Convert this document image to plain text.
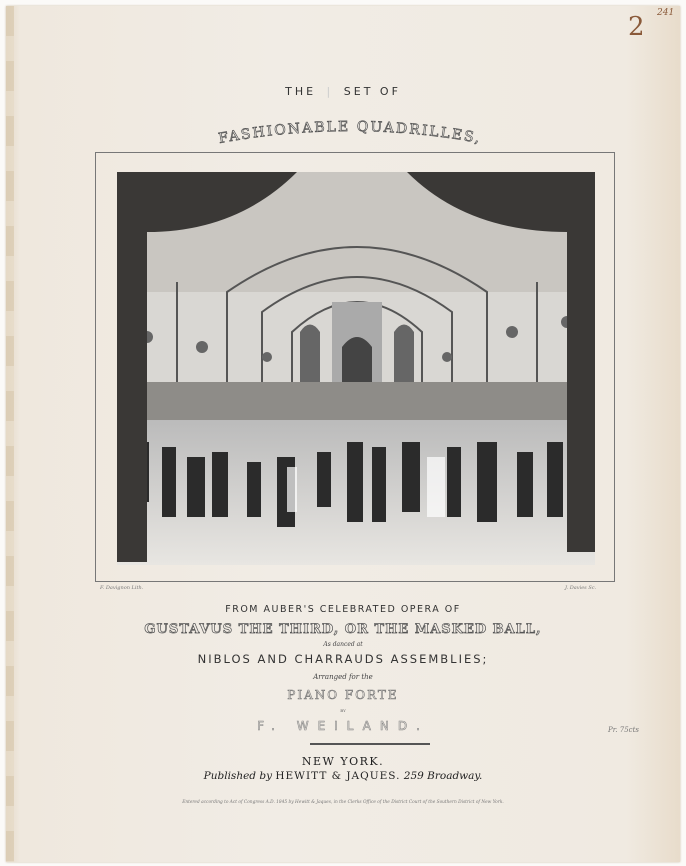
2 241
THE | SET OF
FASHIONABLE QUADRILLES,
F. Davignon Lith.	J. Davies Sc.
FROM AUBER'S CELEBRATED OPERA OF
GUSTAVUS THE THIRD, OR THE MASKED BALL,
As danced at
NIBLOS AND CHARRAUDS ASSEMBLIES;
Arranged for the
PIANO FORTE
BY
F. WEILAND.	Pr. 75cts
NEW YORK.
Published by HEWITT & JAQUES. 259 Broadway.
Entered according to Act of Congress A.D. 1845 by Hewitt & Jaques, in the Clerks Office of the District Court of the Southern District of New York.
